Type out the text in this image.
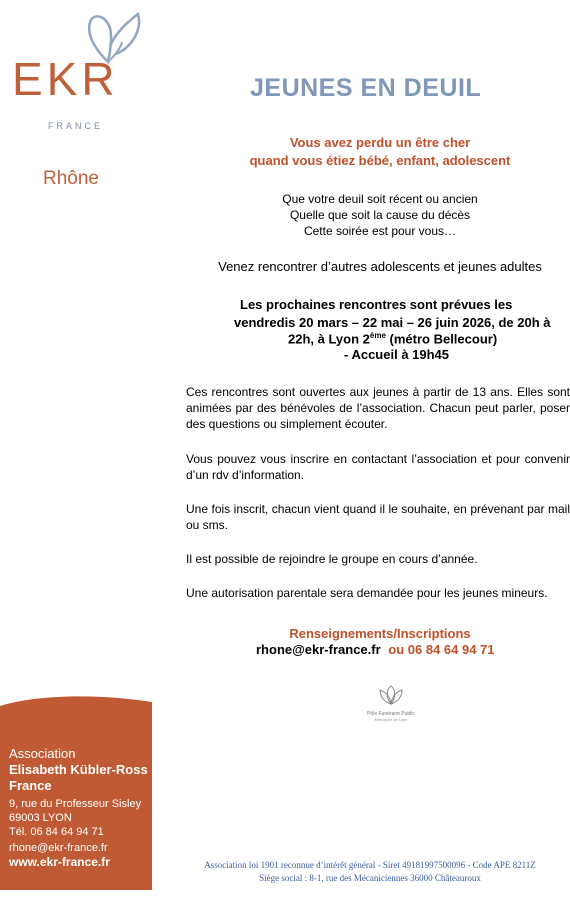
EKR
FRANCE
Rhône
JEUNES EN DEUIL
Vous avez perdu un être cher
quand vous étiez bébé, enfant, adolescent
Que votre deuil soit récent ou ancien
Quelle que soit la cause du décès
Cette soirée est pour vous…
Venez rencontrer d’autres adolescents et jeunes adultes
Les prochaines rencontres sont prévues les
vendredis 20 mars – 22 mai – 26 juin 2026, de 20h à
22h, à Lyon 2ème (métro Bellecour)
- Accueil à 19h45
Ces rencontres sont ouvertes aux jeunes à partir de 13 ans. Elles sont animées par des bénévoles de l’association. Chacun peut parler, poser des questions ou simplement écouter.
Vous pouvez vous inscrire en contactant l’association et pour convenir d’un rdv d’information.
Une fois inscrit, chacun vient quand il le souhaite, en prévenant par mail ou sms.
Il est possible de rejoindre le groupe en cours d’année.
Une autorisation parentale sera demandée pour les jeunes mineurs.
Renseignements/Inscriptions
rhone@ekr-france.fr ou 06 84 64 94 71
Pôle Funéraire Public
Métropole de Lyon
Association
Elisabeth Kübler-Ross
France
9, rue du Professeur Sisley
69003 LYON
Tél. 06 84 64 94 71
rhone@ekr-france.fr
www.ekr-france.fr	Association loi 1901 reconnue d’intérêt général - Siret 49181997500096 - Code APE 8211Z
Siège social : 8-1, rue des Mécaniciennes 36000 Châteauroux
